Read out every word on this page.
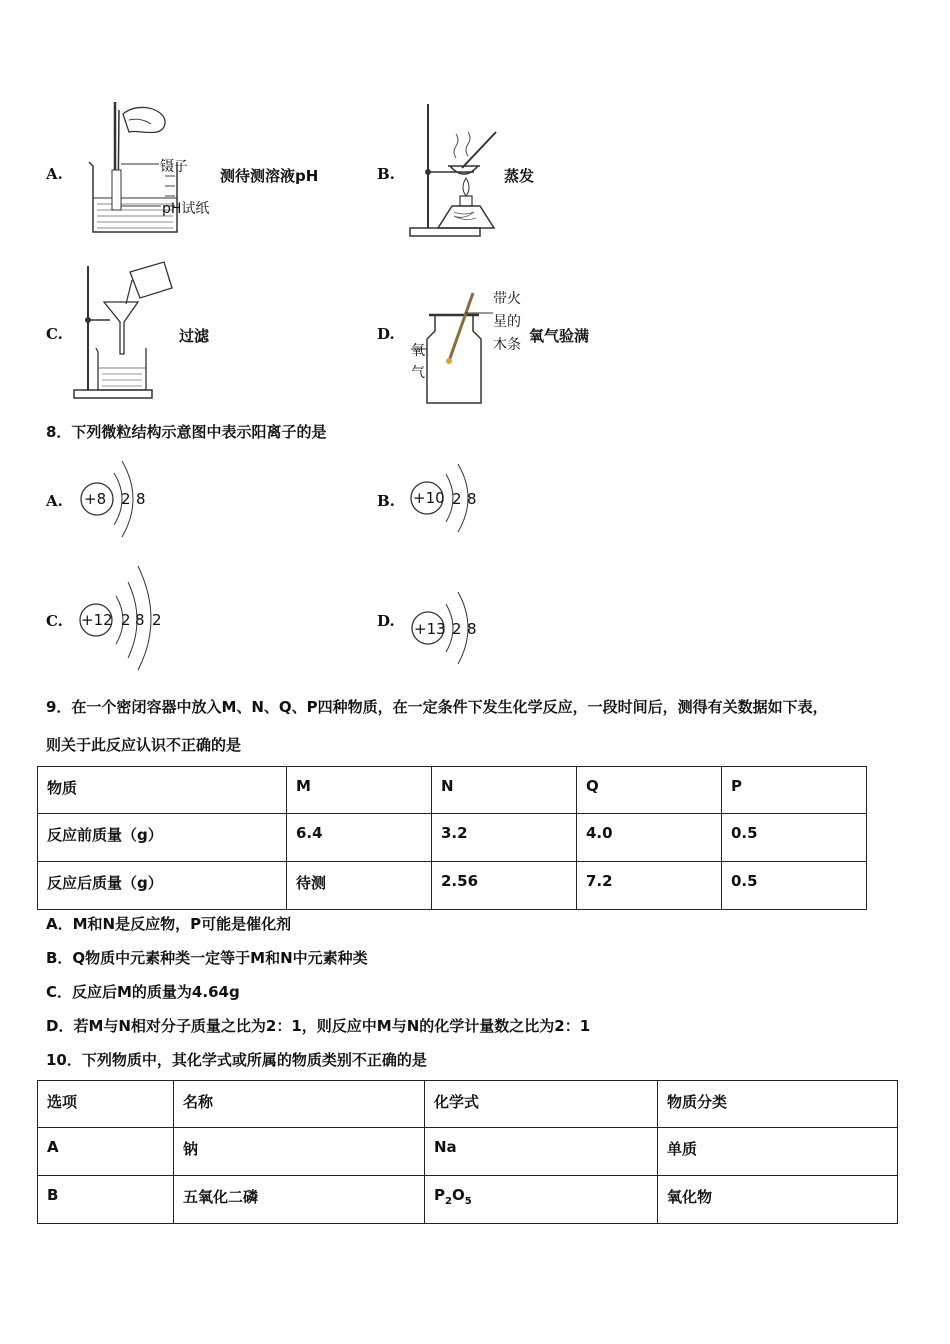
A.	镊子
pH试纸
测待测溶液pH	B.	蒸发
C.	过滤	D.
带火
星的
木条
氧
气
氧气验满
8．下列微粒结构示意图中表示阳离子的是
A. +8 2 8	B. +10 2 8
C. +12 2 8 2	D. +13 2 8
9．在一个密闭容器中放入M、N、Q、P四种物质，在一定条件下发生化学反应，一段时间后，测得有关数据如下表，
则关于此反应认识不正确的是
物质	M	N	Q	P
反应前质量（g）	6.4	3.2	4.0	0.5
反应后质量（g）	待测	2.56	7.2	0.5
A．M和N是反应物，P可能是催化剂
B．Q物质中元素种类一定等于M和N中元素种类
C．反应后M的质量为4.64g
D．若M与N相对分子质量之比为2：1，则反应中M与N的化学计量数之比为2：1
10．下列物质中，其化学式或所属的物质类别不正确的是
选项	名称	化学式	物质分类
A	钠	Na	单质
B	五氧化二磷	$P_2O_5$	氧化物
